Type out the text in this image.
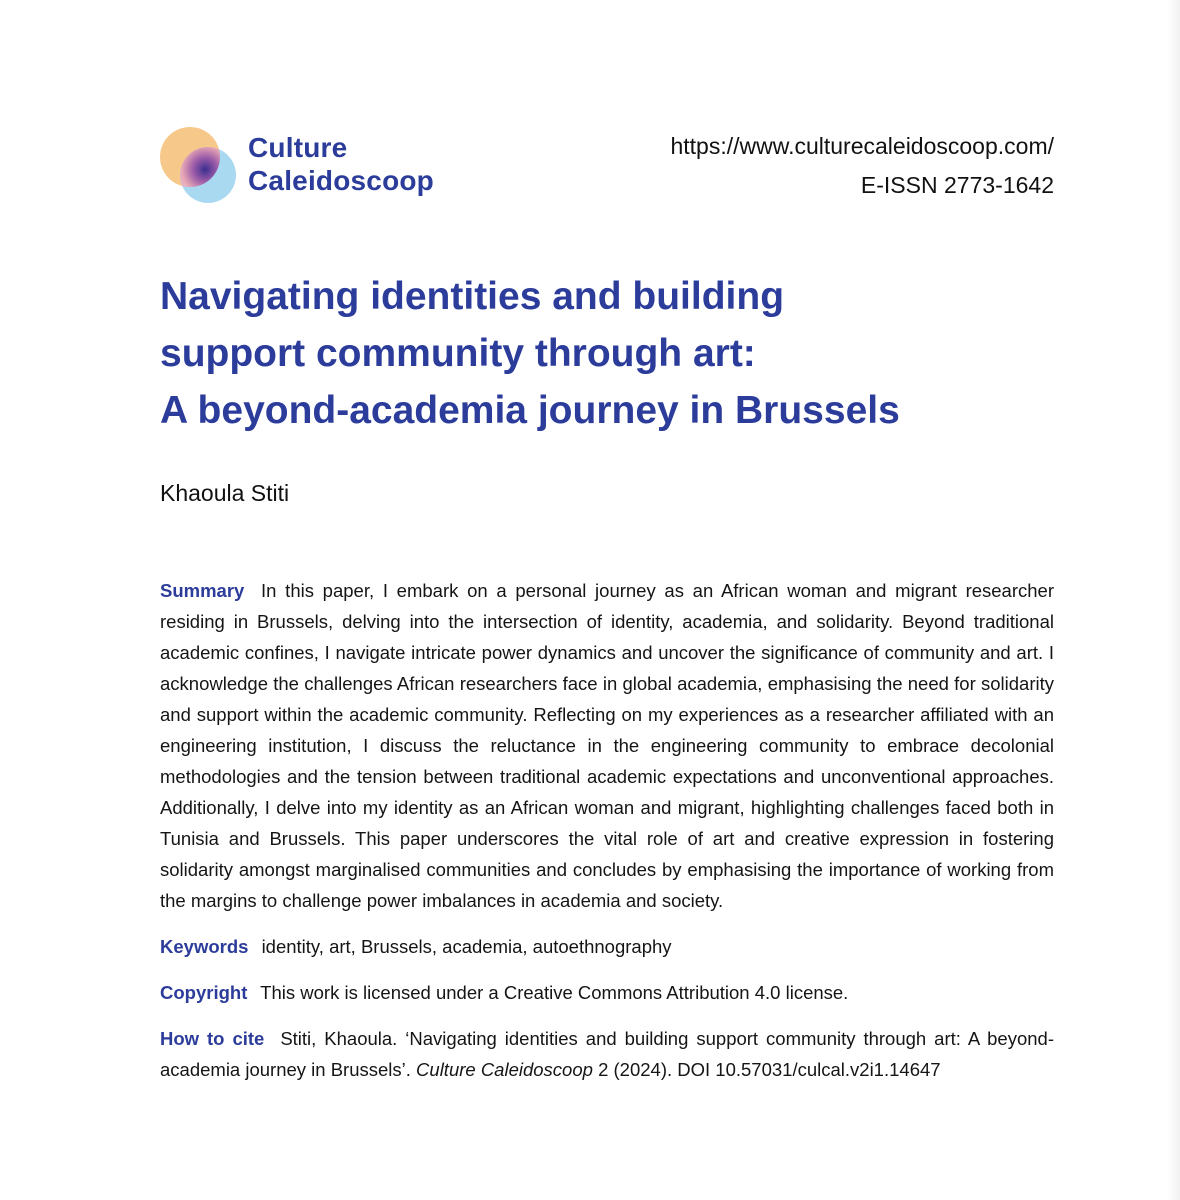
Culture
Caleidoscoop
https://www.culturecaleidoscoop.com/
E-ISSN 2773-1642
Navigating identities and building
support community through art:
A beyond-academia journey in Brussels
Khaoula Stiti

Summary In this paper, I embark on a personal journey as an African woman and migrant researcher residing in Brussels, delving into the intersection of identity, academia, and solidarity. Beyond traditional academic confines, I navigate intricate power dynamics and uncover the significance of community and art. I acknowledge the challenges African researchers face in global academia, emphasising the need for solidarity and support within the academic community. Reflecting on my experiences as a researcher affiliated with an engineering institution, I discuss the reluctance in the engineering community to embrace decolonial methodologies and the tension between traditional academic expectations and unconventional approaches. Additionally, I delve into my identity as an African woman and migrant, highlighting challenges faced both in Tunisia and Brussels. This paper underscores the vital role of art and creative expression in fostering solidarity amongst marginalised communities and concludes by emphasising the importance of working from the margins to challenge power imbalances in academia and society.

Keywords identity, art, Brussels, academia, autoethnography

Copyright This work is licensed under a Creative Commons Attribution 4.0 license.

How to cite Stiti, Khaoula. ‘Navigating identities and building support community through art: A beyond-academia journey in Brussels’. Culture Caleidoscoop 2 (2024). DOI 10.57031/culcal.v2i1.14647
